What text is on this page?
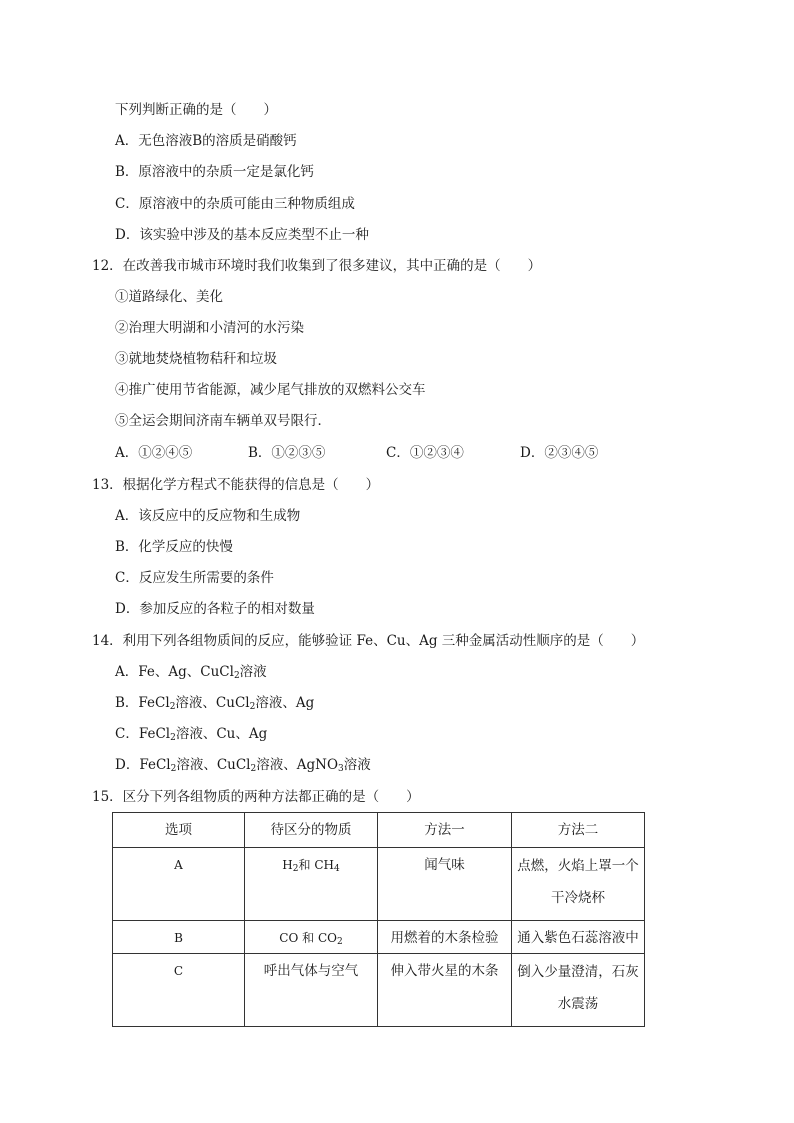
下列判断正确的是（　　）
A．无色溶液B的溶质是硝酸钙
B．原溶液中的杂质一定是氯化钙
C．原溶液中的杂质可能由三种物质组成
D．该实验中涉及的基本反应类型不止一种
12．在改善我市城市环境时我们收集到了很多建议，其中正确的是（　　）
①道路绿化、美化
②治理大明湖和小清河的水污染
③就地焚烧植物秸秆和垃圾
④推广使用节省能源，减少尾气排放的双燃料公交车
⑤全运会期间济南车辆单双号限行．
A．①②④⑤	B．①②③⑤	C．①②③④	D．②③④⑤
13．根据化学方程式不能获得的信息是（　　）
A．该反应中的反应物和生成物
B．化学反应的快慢
C．反应发生所需要的条件
D．参加反应的各粒子的相对数量
14．利用下列各组物质间的反应，能够验证 Fe、Cu、Ag 三种金属活动性顺序的是（　　）
A．Fe、Ag、CuCl$_2$溶液
B．FeCl$_2$溶液、CuCl$_2$溶液、Ag
C．FeCl$_2$溶液、Cu、Ag
D．FeCl$_2$溶液、CuCl$_2$溶液、AgNO$_3$溶液
15．区分下列各组物质的两种方法都正确的是（　　）
选项	待区分的物质	方法一	方法二
A	$H_2$和 $CH_4$	闻气味	点燃，火焰上罩一个
干冷烧杯

B	CO 和 $CO_2$	用燃着的木条检验	通入紫色石蕊溶液中
C	呼出气体与空气	伸入带火星的木条	倒入少量澄清，石灰
水震荡
